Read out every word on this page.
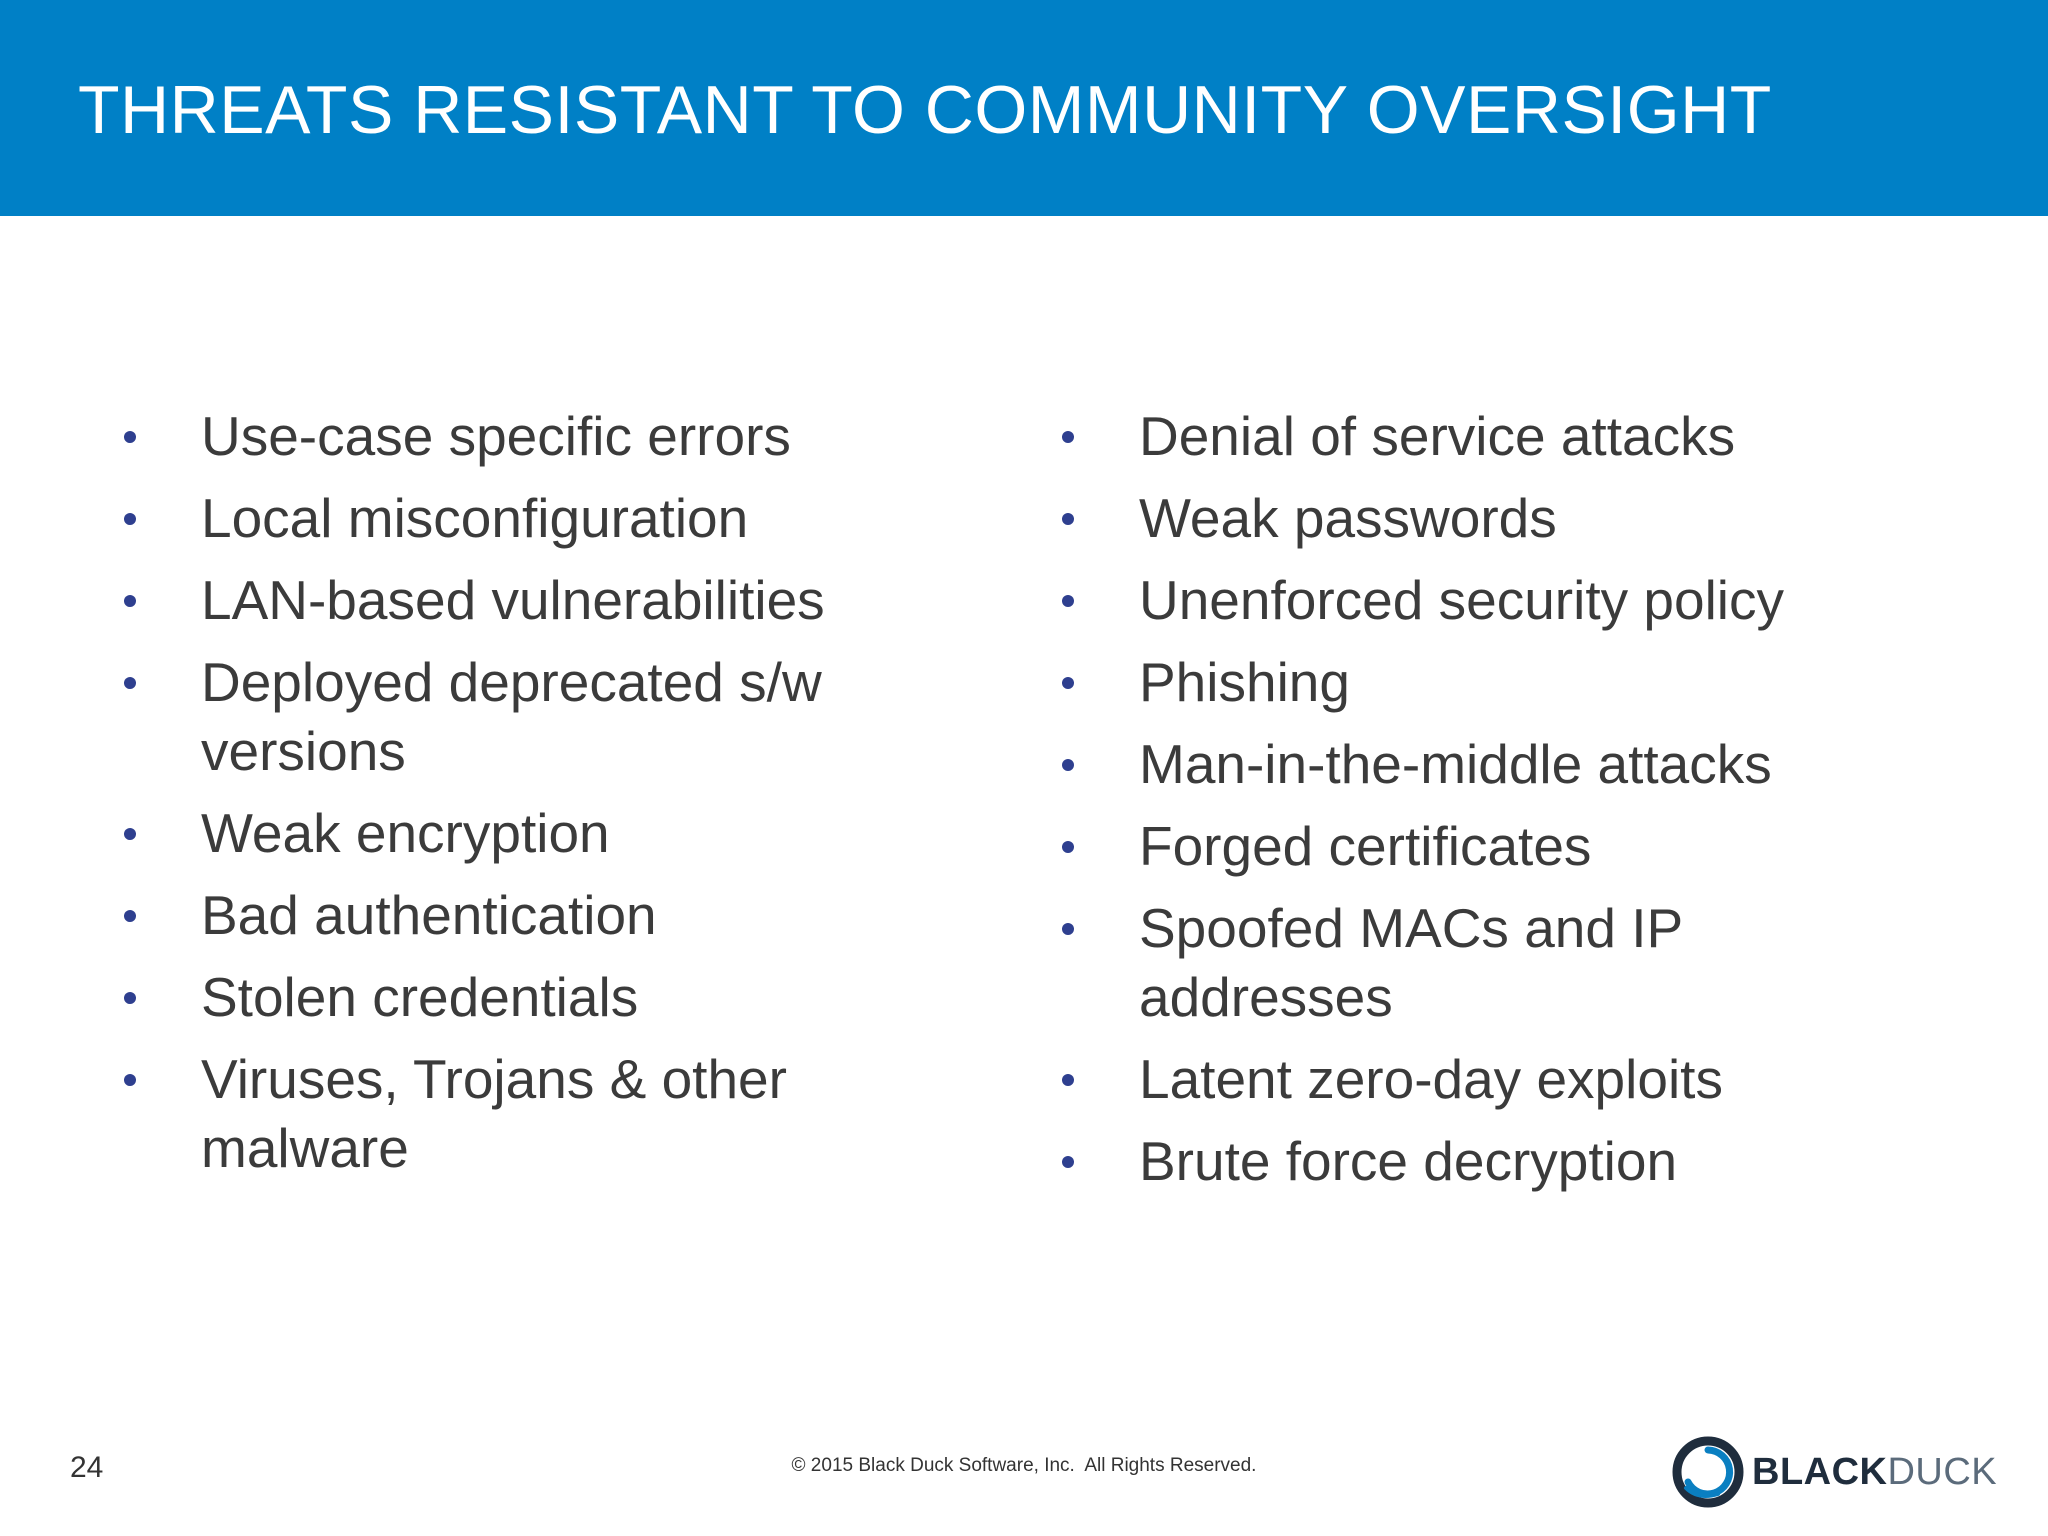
THREATS RESISTANT TO COMMUNITY OVERSIGHT
Use-case specific errors
Local misconfiguration
LAN-based vulnerabilities
Deployed deprecated s/w versions
Weak encryption
Bad authentication
Stolen credentials
Viruses, Trojans & other malware
Denial of service attacks
Weak passwords
Unenforced security policy
Phishing
Man-in-the-middle attacks
Forged certificates
Spoofed MACs and IP addresses
Latent zero-day exploits
Brute force decryption
24	© 2015 Black Duck Software, Inc.  All Rights Reserved.	BLACKDUCK
